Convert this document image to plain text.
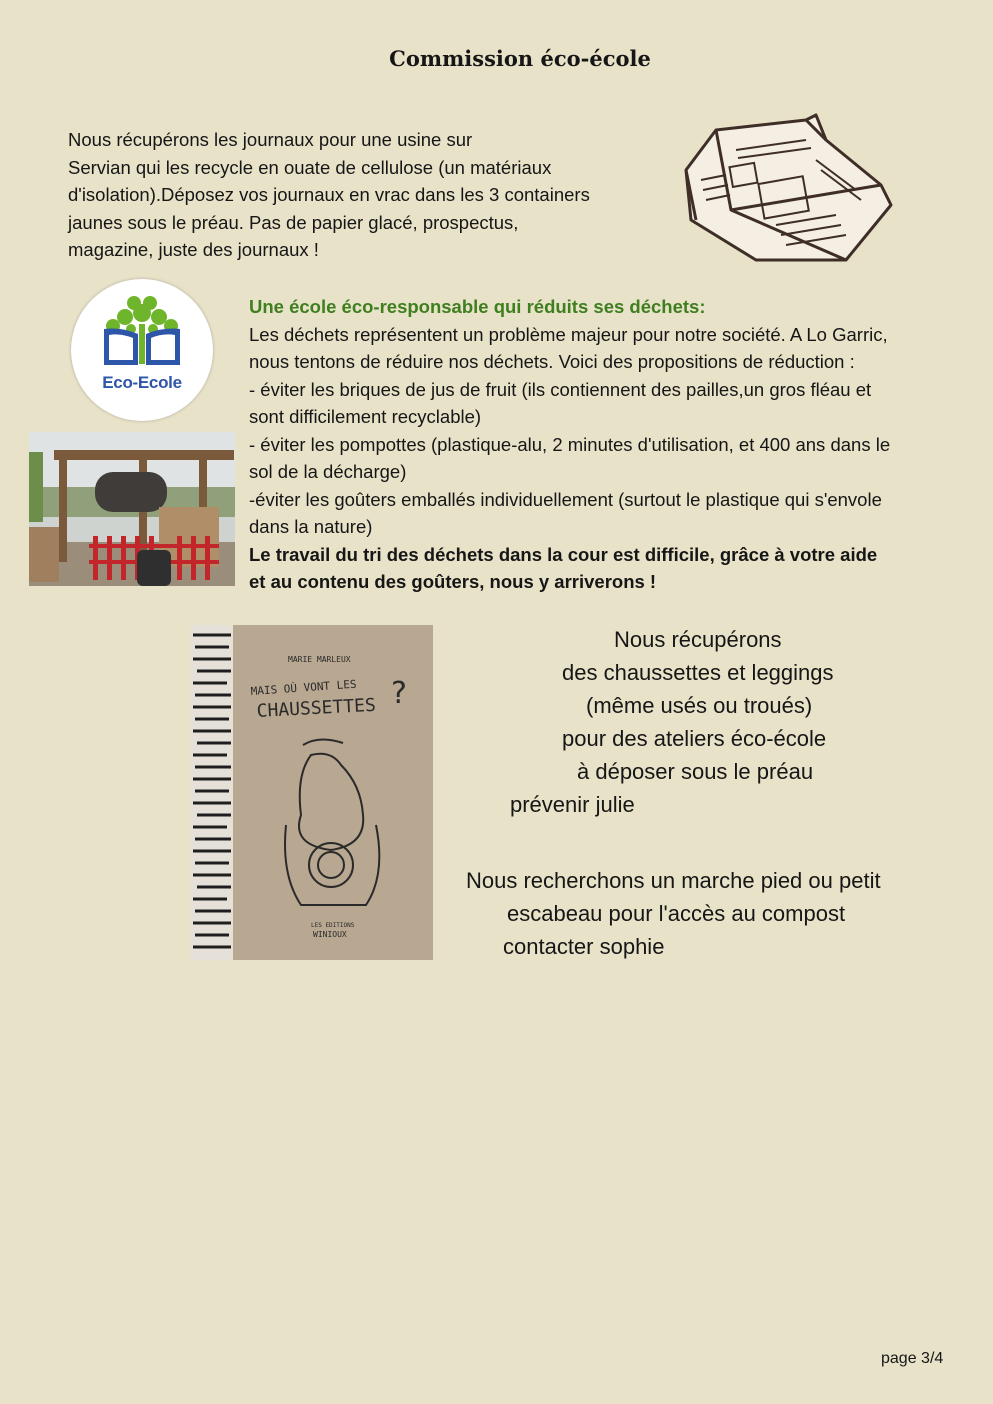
Commission éco-école

Nous récupérons les journaux pour une usine sur

Servian qui les recycle en ouate de cellulose (un matériaux

d'isolation).Déposez vos journaux en vrac dans les 3 containers

jaunes sous le préau. Pas de papier glacé, prospectus,

magazine, juste des journaux !

Eco-Ecole
Une école éco-responsable qui réduits ses déchets:
Les déchets représentent un problème majeur pour notre société. A Lo Garric,
nous tentons de réduire nos déchets. Voici des propositions de réduction :
- éviter les briques de jus de fruit (ils contiennent des pailles,un gros fléau et
sont difficilement recyclable)
- éviter les pompottes (plastique-alu, 2 minutes d'utilisation, et 400 ans dans le
sol de la décharge)
-éviter les goûters emballés individuellement (surtout le plastique qui s'envole
dans la nature)
Le travail du tri des déchets dans la cour est difficile, grâce à votre aide
et au contenu des goûters, nous y arriverons !
MARIE MARLEUX
MAIS OÙ VONT LES
CHAUSSETTES ?
LES EDITIONS
WINIOUX
Nous récupérons
des chaussettes et leggings
(même usés ou troués)
pour des ateliers éco-école
à déposer sous le préau
prévenir julie
Nous recherchons un marche pied ou petit
escabeau pour l'accès au compost
contacter sophie
page 3/4
